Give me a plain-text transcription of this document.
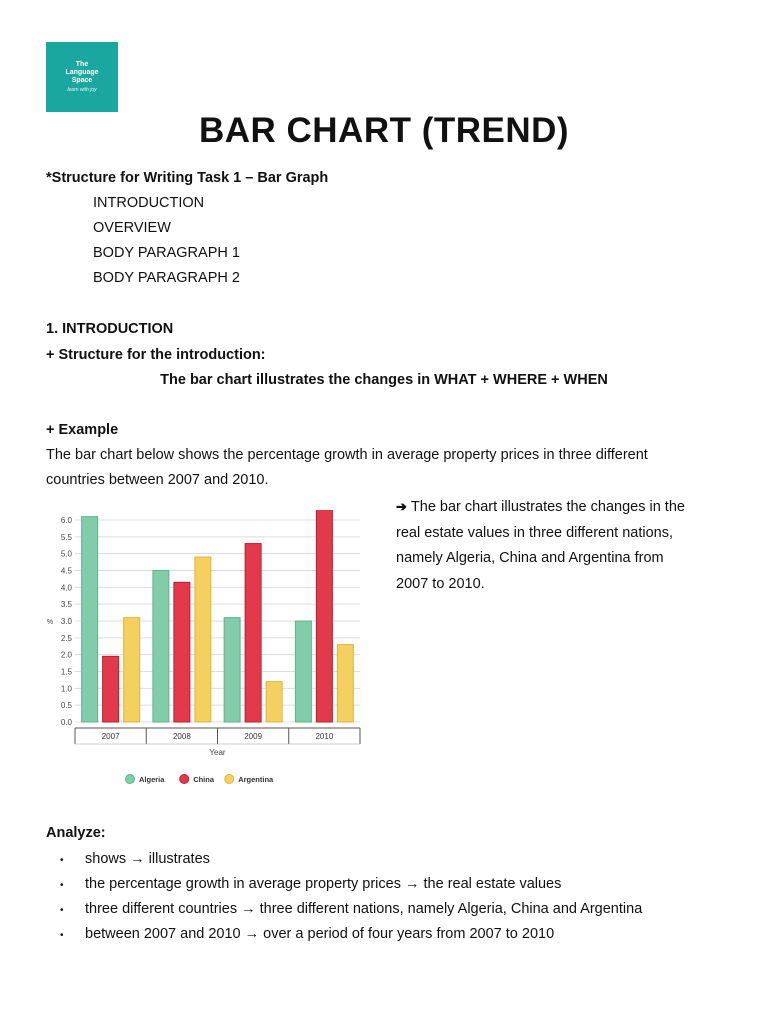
The
Language
Space
learn with joy
BAR CHART (TREND)
*Structure for Writing Task 1 – Bar Graph
INTRODUCTION
OVERVIEW
BODY PARAGRAPH 1
BODY PARAGRAPH 2
1. INTRODUCTION
+ Structure for the introduction:
The bar chart illustrates the changes in WHAT + WHERE + WHEN
+ Example
The bar chart below shows the percentage growth in average property prices in three different
countries between 2007 and 2010.
➔ The bar chart illustrates the changes in the
real estate values in three different nations,
namely Algeria, China and Argentina from
2007 to 2010.
0.0
0.5
1.0
1.5
2.0
2.5
3.0
3.5
4.0
4.5
5.0
5.5
6.0
%
2007	2008	2009	2010
Year
Algeria	China	Argentina
Analyze:
• shows → illustrates
• the percentage growth in average property prices → the real estate values
• three different countries → three different nations, namely Algeria, China and Argentina
• between 2007 and 2010 → over a period of four years from 2007 to 2010
